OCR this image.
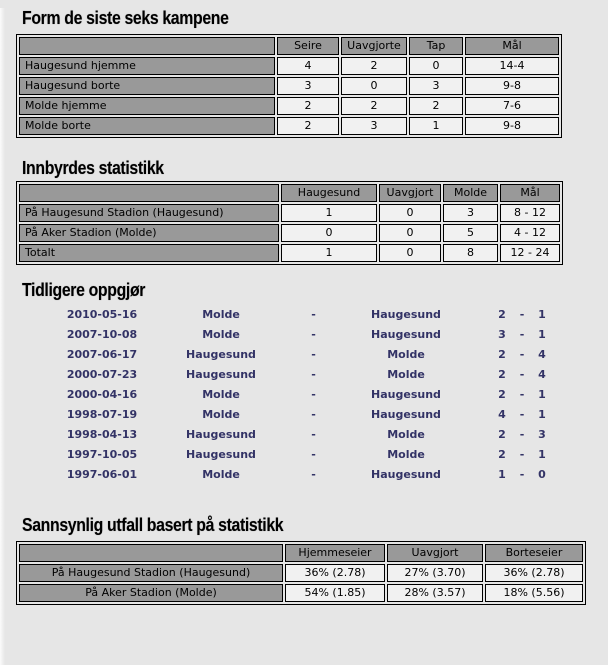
Form de siste seks kampene
	Seire	Uavgjorte	Tap	Mål
Haugesund hjemme	4	2	0	14-4
Haugesund borte	3	0	3	9-8
Molde hjemme	2	2	2	7-6
Molde borte	2	3	1	9-8
Innbyrdes statistikk
	Haugesund	Uavgjort	Molde	Mål
På Haugesund Stadion (Haugesund)	1	0	3	8 - 12
På Aker Stadion (Molde)	0	0	5	4 - 12
Totalt	1	0	8	12 - 24
Tidligere oppgjør
2010-05-16	Molde	-	Haugesund	2	-	1
2007-10-08	Molde	-	Haugesund	3	-	1
2007-06-17	Haugesund	-	Molde	2	-	4
2000-07-23	Haugesund	-	Molde	2	-	4
2000-04-16	Molde	-	Haugesund	2	-	1
1998-07-19	Molde	-	Haugesund	4	-	1
1998-04-13	Haugesund	-	Molde	2	-	3
1997-10-05	Haugesund	-	Molde	2	-	1
1997-06-01	Molde	-	Haugesund	1	-	0
Sannsynlig utfall basert på statistikk
	Hjemmeseier	Uavgjort	Borteseier
På Haugesund Stadion (Haugesund)	36% (2.78)	27% (3.70)	36% (2.78)
På Aker Stadion (Molde)	54% (1.85)	28% (3.57)	18% (5.56)
